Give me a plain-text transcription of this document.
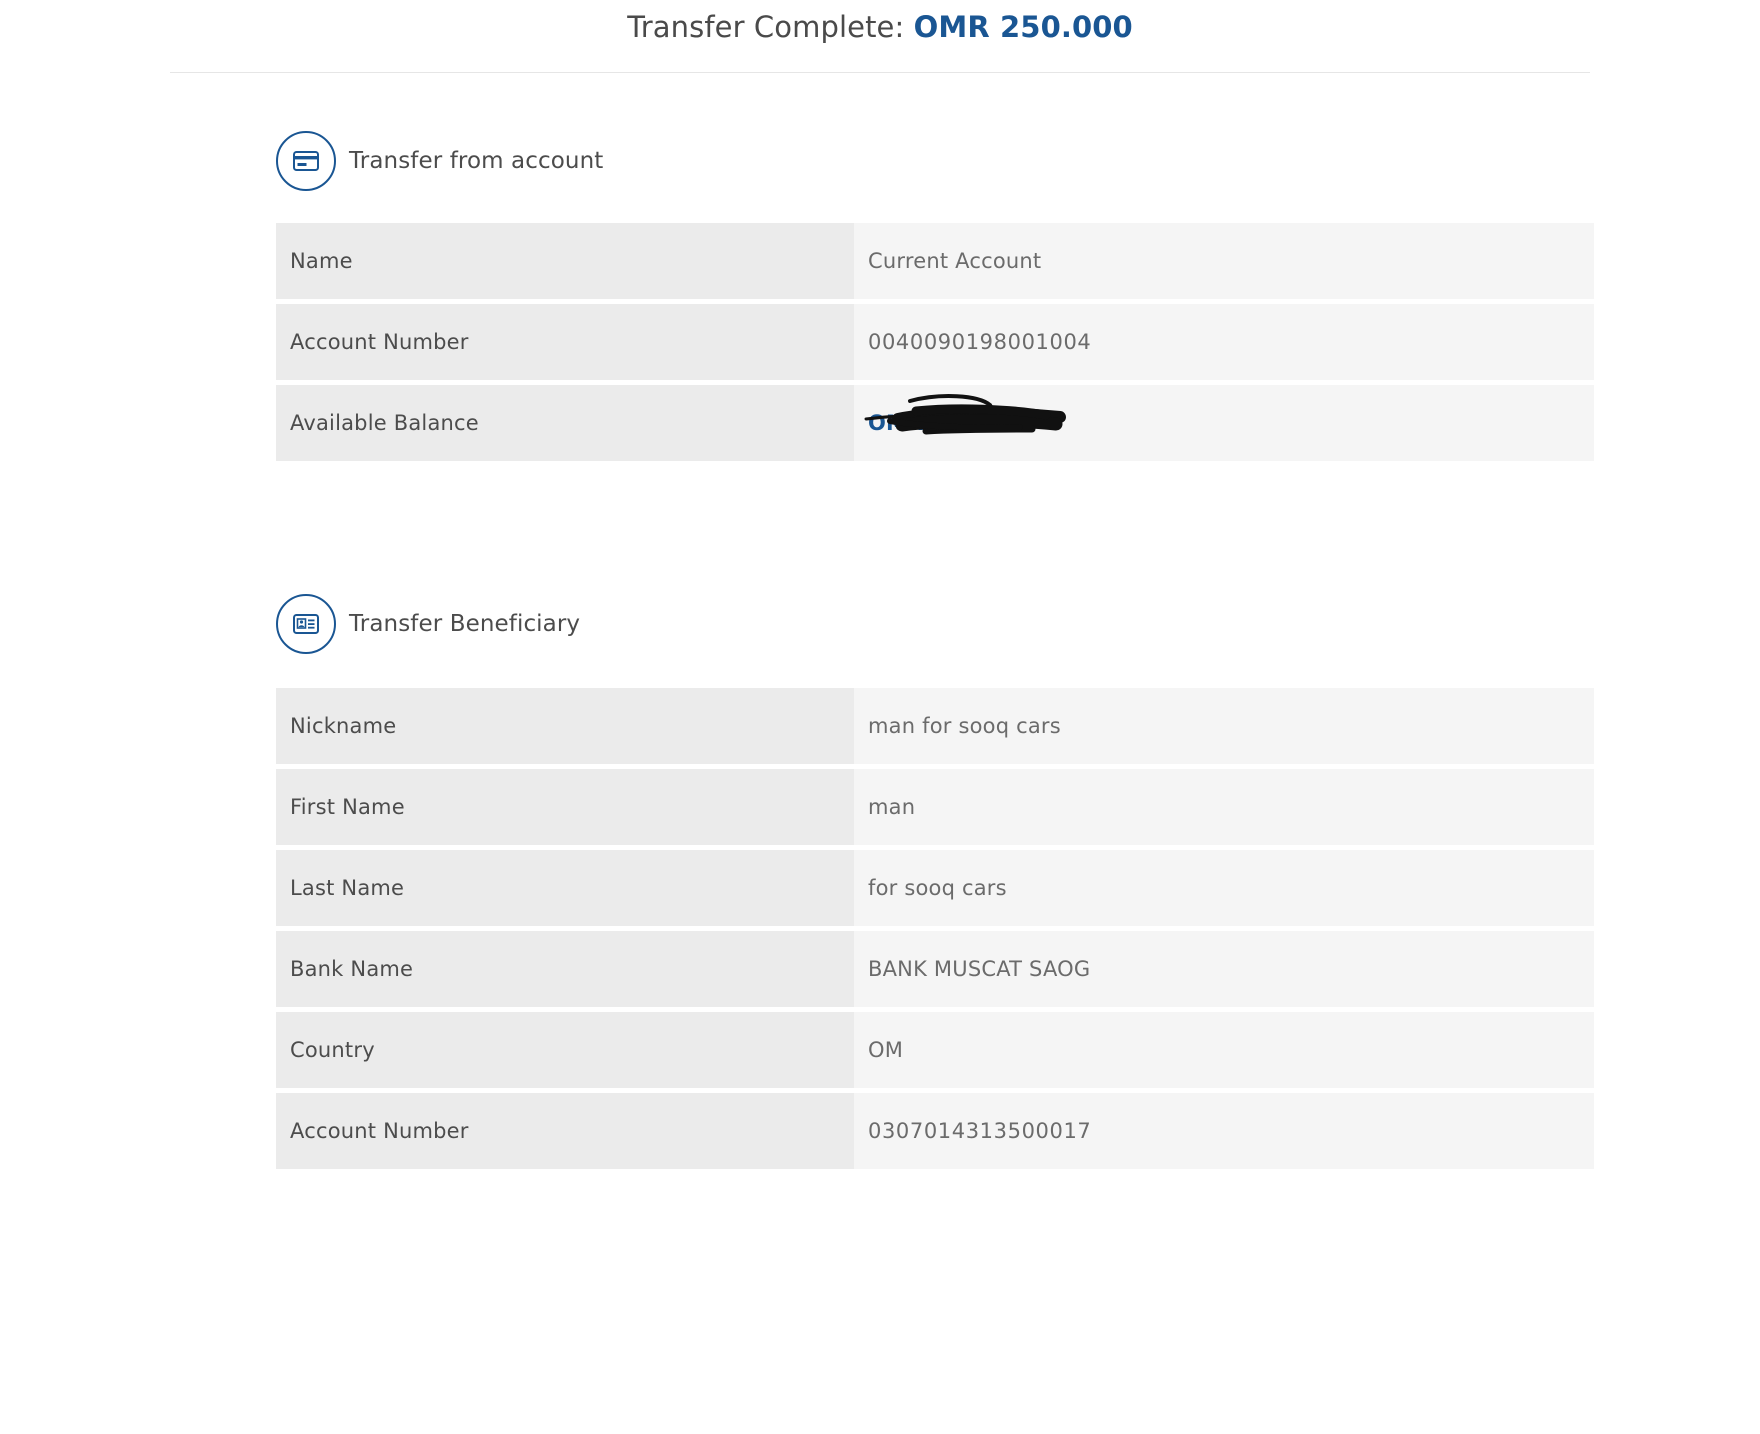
Transfer Complete: OMR 250.000
Transfer from account
Name	Current Account
Account Number	0040090198001004
Available Balance	OMR
Transfer Beneficiary
Nickname	man for sooq cars
First Name	man
Last Name	for sooq cars
Bank Name	BANK MUSCAT SAOG
Country	OM
Account Number	0307014313500017
